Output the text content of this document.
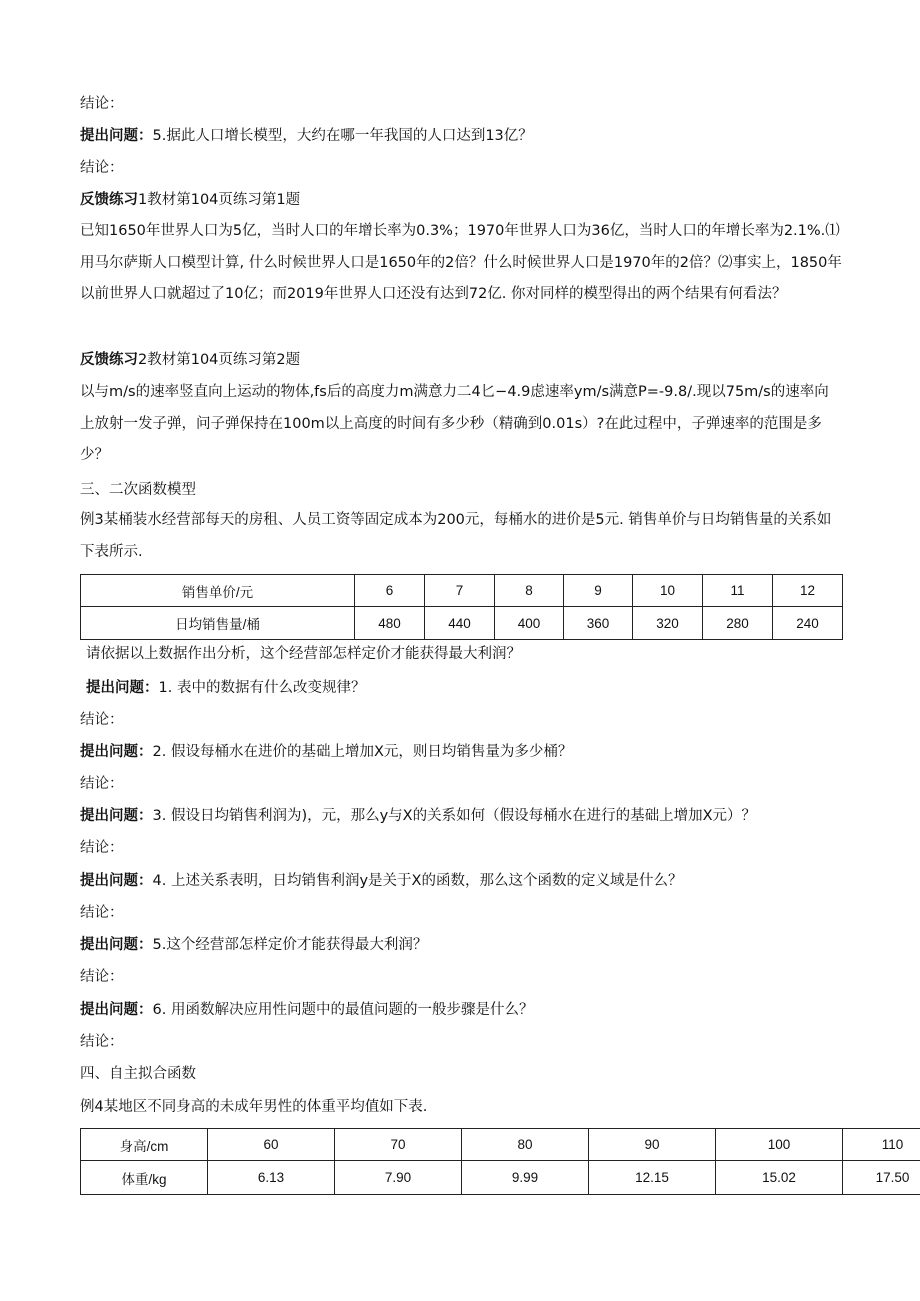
结论：
提出问题：5.据此人口增长模型，大约在哪一年我国的人口达到13亿？
结论：
反馈练习1教材第104页练习第1题
已知1650年世界人口为5亿，当时人口的年增长率为0.3%；1970年世界人口为36亿，当时人口的年增长率为2.1%.⑴用马尔萨斯人口模型计算, 什么时候世界人口是1650年的2倍？什么时候世界人口是1970年的2倍？⑵事实上，1850年以前世界人口就超过了10亿；而2019年世界人口还没有达到72亿. 你对同样的模型得出的两个结果有何看法？
反馈练习2教材第104页练习第2题
以与m/s的速率竖直向上运动的物体,fs后的高度力m满意力二4匕−4.9虑速率ym/s满意P=-9.8/.现以75m/s的速率向上放射一发子弹，问子弹保持在100m以上高度的时间有多少秒（精确到0.01s）?在此过程中，子弹速率的范围是多少？
三、二次函数模型
例3某桶装水经营部每天的房租、人员工资等固定成本为200元，每桶水的进价是5元. 销售单价与日均销售量的关系如下表所示.
销售单价/元	6	7	8	9	10	11	12
日均销售量/桶	480	440	400	360	320	280	240
请依据以上数据作出分析，这个经营部怎样定价才能获得最大利润？
提出问题：1. 表中的数据有什么改变规律？
结论：
提出问题：2. 假设每桶水在进价的基础上增加X元，则日均销售量为多少桶？
结论：
提出问题：3. 假设日均销售利润为)，元，那么y与X的关系如何（假设每桶水在进行的基础上增加X元）？
结论：
提出问题：4. 上述关系表明，日均销售利润y是关于X的函数，那么这个函数的定义域是什么？
结论：
提出问题：5.这个经营部怎样定价才能获得最大利润？
结论：
提出问题：6. 用函数解决应用性问题中的最值问题的一般步骤是什么？
结论：
四、自主拟合函数
例4某地区不同身高的未成年男性的体重平均值如下表.
身高/cm	60	70	80	90	100	110
体重/kg	6.13	7.90	9.99	12.15	15.02	17.50
